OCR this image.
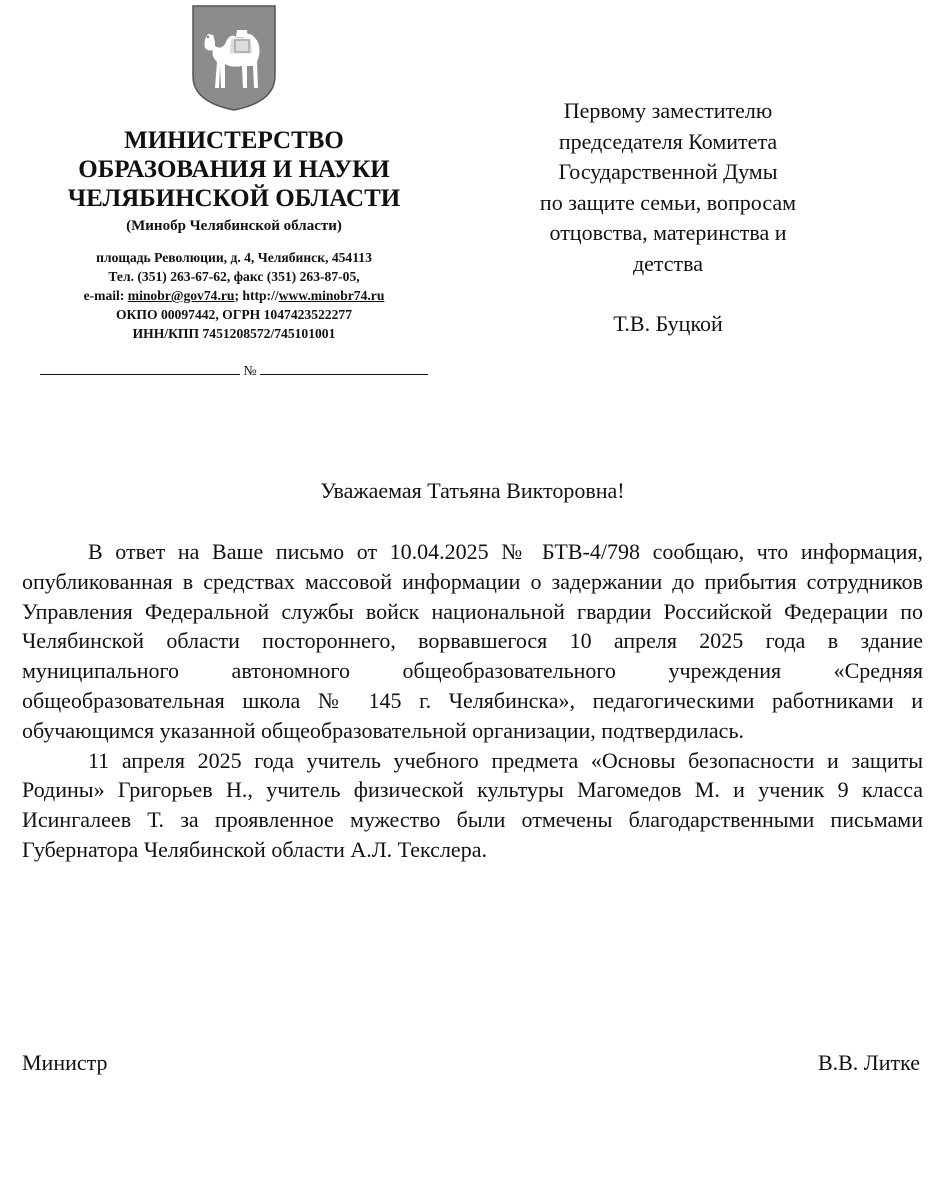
МИНИСТЕРСТВО
ОБРАЗОВАНИЯ И НАУКИ
ЧЕЛЯБИНСКОЙ ОБЛАСТИ
(Минобр Челябинской области)
площадь Революции, д. 4, Челябинск, 454113
Тел. (351) 263-67-62, факс (351) 263-87-05,
e-mail: minobr@gov74.ru; http://www.minobr74.ru
ОКПО 00097442, ОГРН 1047423522277
ИНН/КПП 7451208572/745101001
№
Первому заместителю
председателя Комитета
Государственной Думы
по защите семьи, вопросам
отцовства, материнства и
детства
Т.В. Буцкой
Уважаемая Татьяна Викторовна!

В ответ на Ваше письмо от 10.04.2025 № БТВ-4/798 сообщаю, что информация, опубликованная в средствах массовой информации о задержании до прибытия сотрудников Управления Федеральной службы войск национальной гвардии Российской Федерации по Челябинской области постороннего, ворвавшегося 10 апреля 2025 года в здание муниципального автономного общеобразовательного учреждения «Средняя общеобразовательная школа № 145 г. Челябинска», педагогическими работниками и обучающимся указанной общеобразовательной организации, подтвердилась.

11 апреля 2025 года учитель учебного предмета «Основы безопасности и защиты Родины» Григорьев Н., учитель физической культуры Магомедов М. и ученик 9 класса Исингалеев Т. за проявленное мужество были отмечены благодарственными письмами Губернатора Челябинской области А.Л. Текслера.

Министр	В.В. Литке
